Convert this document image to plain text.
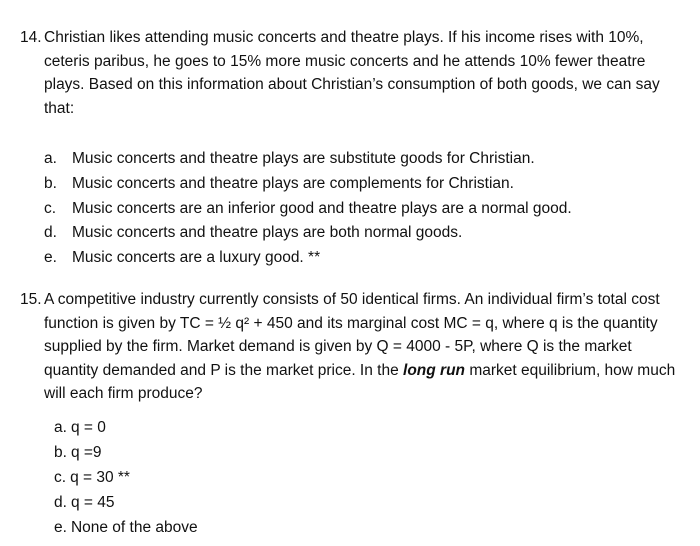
14. Christian likes attending music concerts and theatre plays. If his income rises with 10%, ceteris paribus, he goes to 15% more music concerts and he attends 10% fewer theatre plays. Based on this information about Christian’s consumption of both goods, we can say that:
a. Music concerts and theatre plays are substitute goods for Christian.
b. Music concerts and theatre plays are complements for Christian.
c. Music concerts are an inferior good and theatre plays are a normal good.
d. Music concerts and theatre plays are both normal goods.
e. Music concerts are a luxury good. **
15. A competitive industry currently consists of 50 identical firms. An individual firm’s total cost function is given by TC = ½ q² + 450 and its marginal cost MC = q, where q is the quantity supplied by the firm. Market demand is given by Q = 4000 - 5P, where Q is the market quantity demanded and P is the market price. In the long run market equilibrium, how much will each firm produce?
a. q = 0
b. q =9
c. q = 30 **
d. q = 45
e. None of the above
